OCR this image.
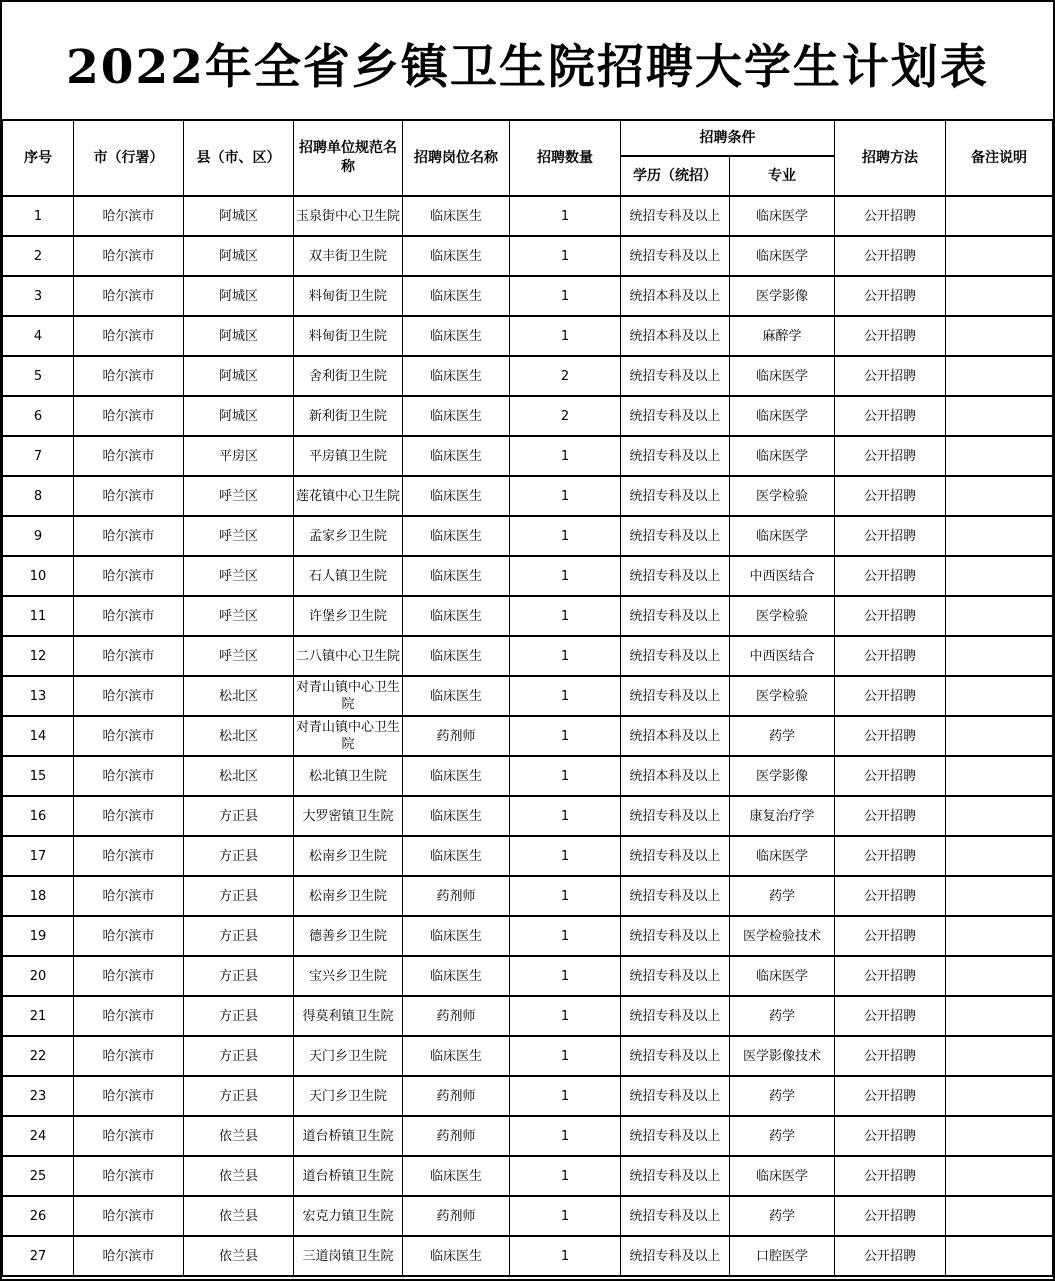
2022年全省乡镇卫生院招聘大学生计划表
序号	市（行署）	县（市、区）	招聘单位规范名称	招聘岗位名称	招聘数量	招聘条件		招聘方法	备注说明
						学历（统招）	专业		
1	哈尔滨市	阿城区	玉泉街中心卫生院	临床医生	1	统招专科及以上	临床医学	公开招聘	
2	哈尔滨市	阿城区	双丰街卫生院	临床医生	1	统招专科及以上	临床医学	公开招聘	
3	哈尔滨市	阿城区	料甸街卫生院	临床医生	1	统招本科及以上	医学影像	公开招聘	
4	哈尔滨市	阿城区	料甸街卫生院	临床医生	1	统招本科及以上	麻醉学	公开招聘	
5	哈尔滨市	阿城区	舍利街卫生院	临床医生	2	统招专科及以上	临床医学	公开招聘	
6	哈尔滨市	阿城区	新利街卫生院	临床医生	2	统招专科及以上	临床医学	公开招聘	
7	哈尔滨市	平房区	平房镇卫生院	临床医生	1	统招专科及以上	临床医学	公开招聘	
8	哈尔滨市	呼兰区	莲花镇中心卫生院	临床医生	1	统招专科及以上	医学检验	公开招聘	
9	哈尔滨市	呼兰区	孟家乡卫生院	临床医生	1	统招专科及以上	临床医学	公开招聘	
10	哈尔滨市	呼兰区	石人镇卫生院	临床医生	1	统招专科及以上	中西医结合	公开招聘	
11	哈尔滨市	呼兰区	许堡乡卫生院	临床医生	1	统招专科及以上	医学检验	公开招聘	
12	哈尔滨市	呼兰区	二八镇中心卫生院	临床医生	1	统招专科及以上	中西医结合	公开招聘	
13	哈尔滨市	松北区	对青山镇中心卫生院	临床医生	1	统招专科及以上	医学检验	公开招聘	
14	哈尔滨市	松北区	对青山镇中心卫生院	药剂师	1	统招本科及以上	药学	公开招聘	
15	哈尔滨市	松北区	松北镇卫生院	临床医生	1	统招本科及以上	医学影像	公开招聘	
16	哈尔滨市	方正县	大罗密镇卫生院	临床医生	1	统招专科及以上	康复治疗学	公开招聘	
17	哈尔滨市	方正县	松南乡卫生院	临床医生	1	统招专科及以上	临床医学	公开招聘	
18	哈尔滨市	方正县	松南乡卫生院	药剂师	1	统招专科及以上	药学	公开招聘	
19	哈尔滨市	方正县	德善乡卫生院	临床医生	1	统招专科及以上	医学检验技术	公开招聘	
20	哈尔滨市	方正县	宝兴乡卫生院	临床医生	1	统招专科及以上	临床医学	公开招聘	
21	哈尔滨市	方正县	得莫利镇卫生院	药剂师	1	统招专科及以上	药学	公开招聘	
22	哈尔滨市	方正县	天门乡卫生院	临床医生	1	统招专科及以上	医学影像技术	公开招聘	
23	哈尔滨市	方正县	天门乡卫生院	药剂师	1	统招专科及以上	药学	公开招聘	
24	哈尔滨市	依兰县	道台桥镇卫生院	药剂师	1	统招专科及以上	药学	公开招聘	
25	哈尔滨市	依兰县	道台桥镇卫生院	临床医生	1	统招专科及以上	临床医学	公开招聘	
26	哈尔滨市	依兰县	宏克力镇卫生院	药剂师	1	统招专科及以上	药学	公开招聘	
27	哈尔滨市	依兰县	三道岗镇卫生院	临床医生	1	统招专科及以上	口腔医学	公开招聘	
